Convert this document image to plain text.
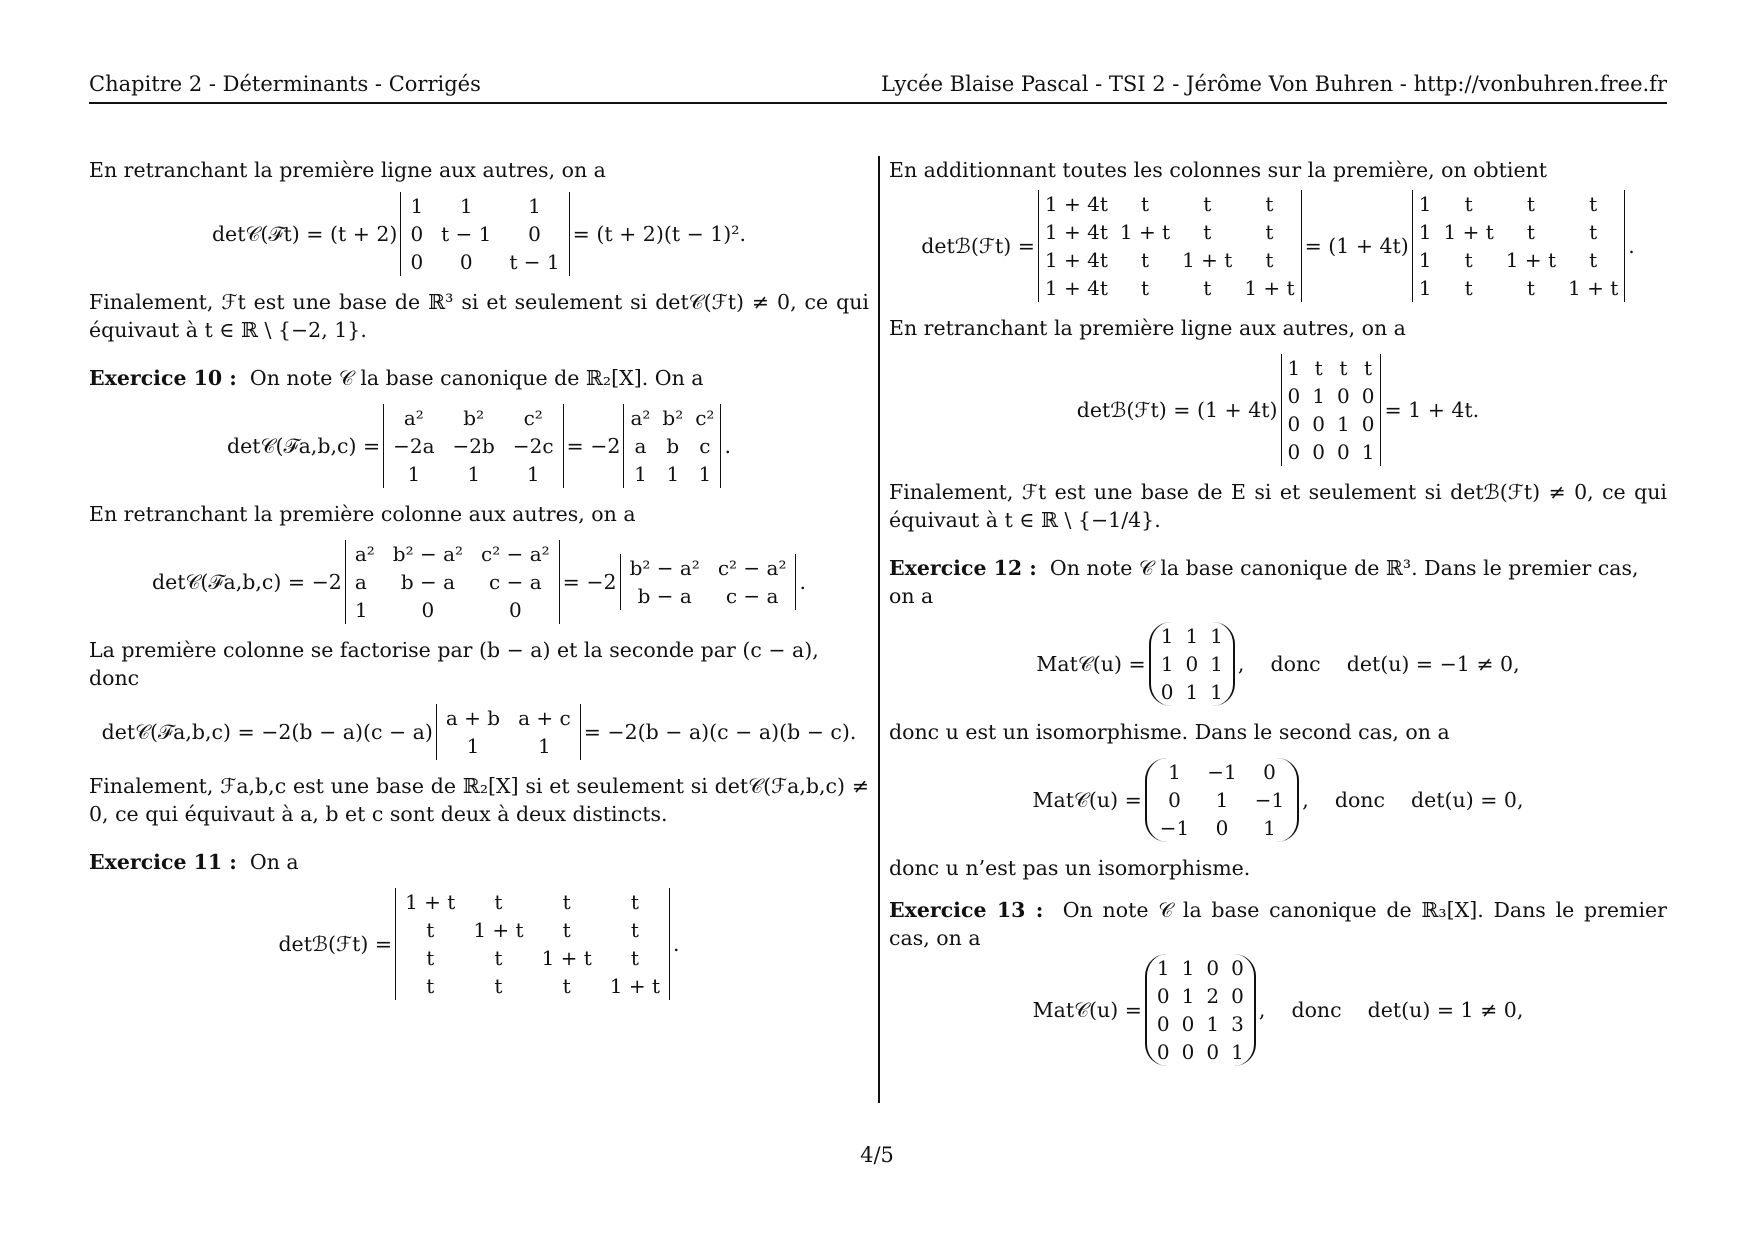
Chapitre 2 - Déterminants - Corrigés	Lycée Blaise Pascal - TSI 2 - Jérôme Von Buhren - http://vonbuhren.free.fr

En retranchant la première ligne aux autres, on a

det𝒞(ℱt) = (t + 2)
1	1	1
0	t − 1	0
0	0	t − 1
= (t + 2)(t − 1)².

Finalement, ℱt est une base de ℝ³ si et seulement si det𝒞(ℱt) ≠ 0, ce qui équivaut à t ∈ ℝ \ {−2, 1}.

Exercice 10 : On note 𝒞 la base canonique de ℝ₂[X]. On a

det𝒞(ℱa,b,c) =
a²	b²	c²
−2a	−2b	−2c
1	1	1
= −2
a²	b²	c²
a	b	c
1	1	1
.

En retranchant la première colonne aux autres, on a

det𝒞(ℱa,b,c) = −2
a²	b² − a²	c² − a²
a	b − a	c − a
1	0	0
= −2
b² − a²	c² − a²
b − a	c − a
.

La première colonne se factorise par (b − a) et la seconde par (c − a), donc

det𝒞(ℱa,b,c) = −2(b − a)(c − a)
a + b	a + c
1	1
= −2(b − a)(c − a)(b − c).

Finalement, ℱa,b,c est une base de ℝ₂[X] si et seulement si det𝒞(ℱa,b,c) ≠ 0, ce qui équivaut à a, b et c sont deux à deux distincts.

Exercice 11 : On a

detℬ(ℱt) =
1 + t	t	t	t
t	1 + t	t	t
t	t	1 + t	t
t	t	t	1 + t
.

En additionnant toutes les colonnes sur la première, on obtient

detℬ(ℱt) =
1 + 4t	t	t	t
1 + 4t	1 + t	t	t
1 + 4t	t	1 + t	t
1 + 4t	t	t	1 + t
= (1 + 4t)
1	t	t	t
1	1 + t	t	t
1	t	1 + t	t
1	t	t	1 + t
.

En retranchant la première ligne aux autres, on a

detℬ(ℱt) = (1 + 4t)
1	t	t	t
0	1	0	0
0	0	1	0
0	0	0	1
= 1 + 4t.

Finalement, ℱt est une base de E si et seulement si detℬ(ℱt) ≠ 0, ce qui équivaut à t ∈ ℝ \ {−1/4}.

Exercice 12 : On note 𝒞 la base canonique de ℝ³. Dans le premier cas, on a

Mat𝒞(u) =
1	1	1
1	0	1
0	1	1
,    donc    det(u) = −1 ≠ 0,

donc u est un isomorphisme. Dans le second cas, on a

Mat𝒞(u) =
1	−1	0
0	1	−1
−1	0	1
,    donc    det(u) = 0,

donc u n’est pas un isomorphisme.

Exercice 13 : On note 𝒞 la base canonique de ℝ₃[X]. Dans le premier cas, on a

Mat𝒞(u) =
1	1	0	0
0	1	2	0
0	0	1	3
0	0	0	1
,    donc    det(u) = 1 ≠ 0,
4/5
